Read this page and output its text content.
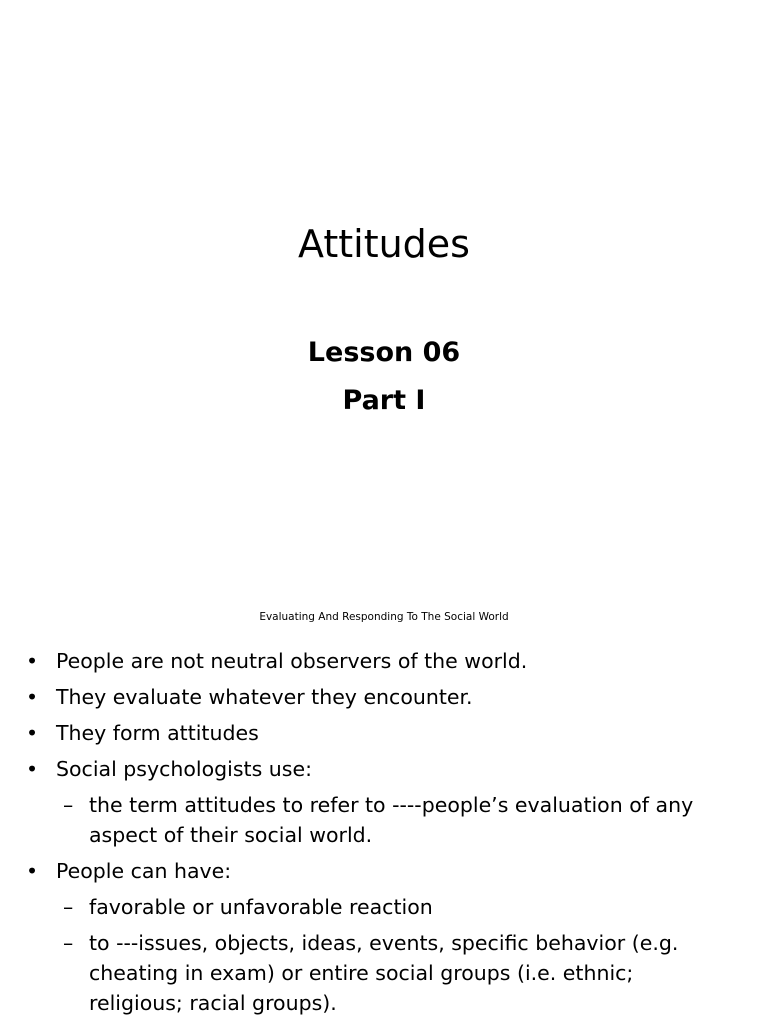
Attitudes
Lesson 06
Part I
Evaluating And Responding To The Social World
• People are not neutral observers of the world.
• They evaluate whatever they encounter.
• They form attitudes
• Social psychologists use:
– the term attitudes to refer to ----people’s evaluation of any aspect of their social world.
• People can have:
– favorable or unfavorable reaction
– to ---issues, objects, ideas, events, specific behavior (e.g. cheating in exam) or entire social groups (i.e. ethnic; religious; racial groups).
